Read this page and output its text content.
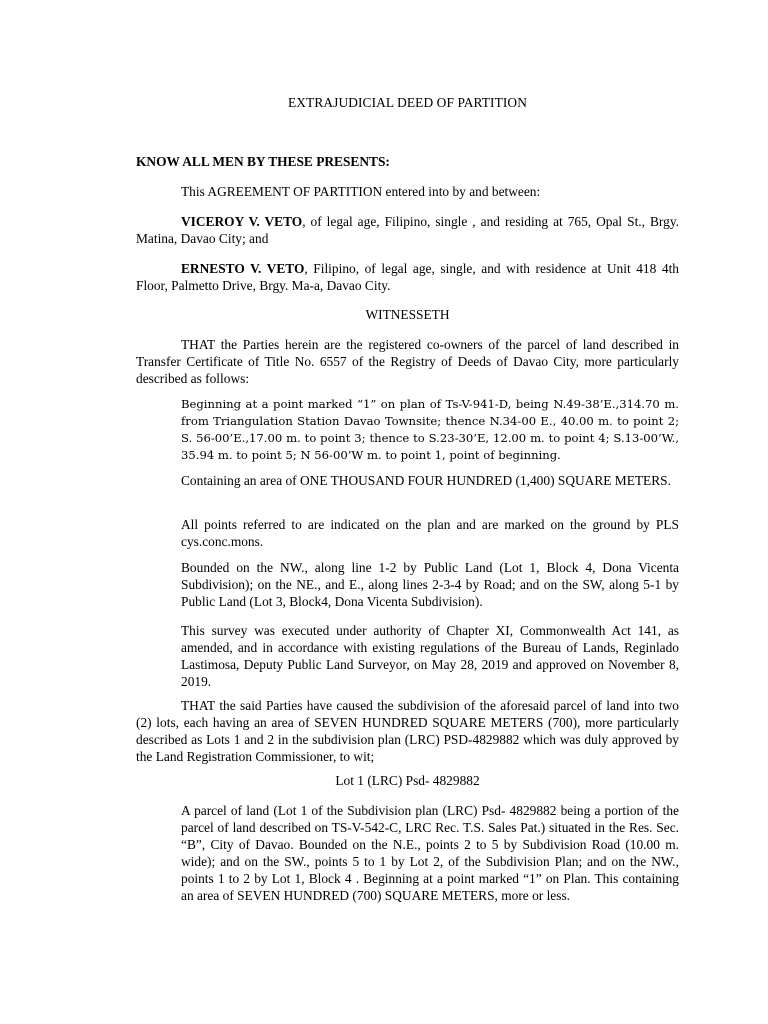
EXTRAJUDICIAL DEED OF PARTITION

KNOW ALL MEN BY THESE PRESENTS:

This AGREEMENT OF PARTITION entered into by and between:

VICEROY V. VETO, of legal age, Filipino, single , and residing at 765, Opal St., Brgy. Matina, Davao City; and

ERNESTO V. VETO, Filipino, of legal age, single, and with residence at Unit 418 4th Floor, Palmetto Drive, Brgy. Ma-a, Davao City.

WITNESSETH

THAT the Parties herein are the registered co-owners of the parcel of land described in Transfer Certificate of Title No. 6557 of the Registry of Deeds of Davao City, more particularly described as follows:

Beginning at a point marked “1” on plan of Ts-V-941-D, being N.49-38’E.,314.70 m. from Triangulation Station Davao Townsite; thence N.34-00 E., 40.00 m. to point 2; S. 56-00’E.,17.00 m. to point 3; thence to S.23-30’E, 12.00 m. to point 4; S.13-00’W., 35.94 m. to point 5; N 56-00’W m. to point 1, point of beginning.

Containing an area of ONE THOUSAND FOUR HUNDRED (1,400) SQUARE METERS.

All points referred to are indicated on the plan and are marked on the ground by PLS cys.conc.mons.

Bounded on the NW., along line 1-2 by Public Land (Lot 1, Block 4, Dona Vicenta Subdivision); on the NE., and E., along lines 2-3-4 by Road; and on the SW, along 5-1 by Public Land (Lot 3, Block4, Dona Vicenta Subdivision).

This survey was executed under authority of Chapter XI, Commonwealth Act 141, as amended, and in accordance with existing regulations of the Bureau of Lands, Reginlado Lastimosa, Deputy Public Land Surveyor, on May 28, 2019 and approved on November 8, 2019.

THAT the said Parties have caused the subdivision of the aforesaid parcel of land into two (2) lots, each having an area of SEVEN HUNDRED SQUARE METERS (700), more particularly described as Lots 1 and 2 in the subdivision plan (LRC) PSD-4829882 which was duly approved by the Land Registration Commissioner, to wit;

Lot 1 (LRC) Psd- 4829882

A parcel of land (Lot 1 of the Subdivision plan (LRC) Psd- 4829882 being a portion of the parcel of land described on TS-V-542-C, LRC Rec. T.S. Sales Pat.) situated in the Res. Sec. “B”, City of Davao. Bounded on the N.E., points 2 to 5 by Subdivision Road (10.00 m. wide); and on the SW., points 5 to 1 by Lot 2, of the Subdivision Plan; and on the NW., points 1 to 2 by Lot 1, Block 4 . Beginning at a point marked “1” on Plan. This containing an area of SEVEN HUNDRED (700) SQUARE METERS, more or less.
